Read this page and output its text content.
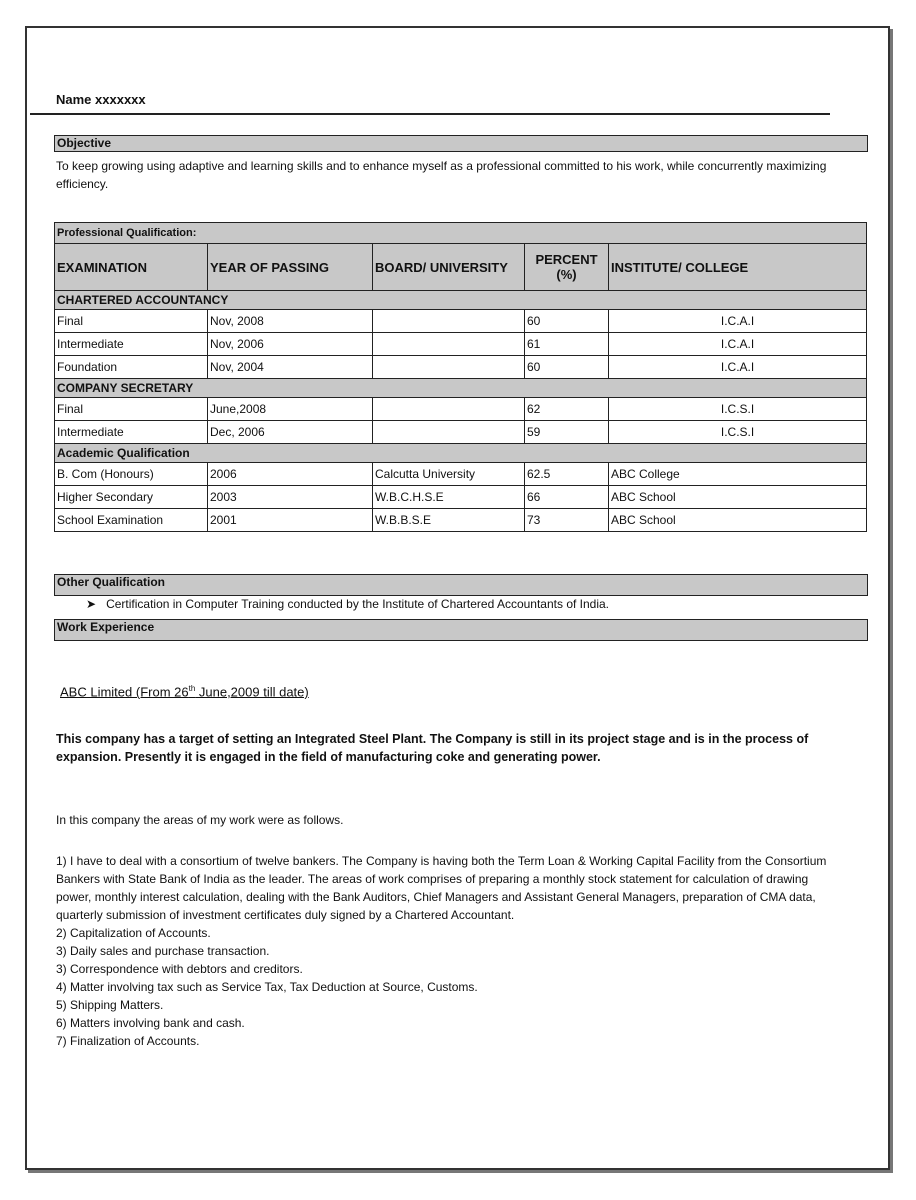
Name xxxxxxx
Objective
To keep growing using adaptive and learning skills and to enhance myself as a professional committed to his work, while concurrently maximizing efficiency.
Professional Qualification:				
EXAMINATION	YEAR OF PASSING	BOARD/ UNIVERSITY	PERCENT (%)	INSTITUTE/ COLLEGE
CHARTERED ACCOUNTANCY				
Final	Nov, 2008		60	I.C.A.I
Intermediate	Nov, 2006		61	I.C.A.I
Foundation	Nov, 2004		60	I.C.A.I
COMPANY SECRETARY				
Final	June,2008		62	I.C.S.I
Intermediate	Dec, 2006		59	I.C.S.I
Academic Qualification				
B. Com (Honours)	2006	Calcutta University	62.5	ABC College
Higher Secondary	2003	W.B.C.H.S.E	66	ABC School
School Examination	2001	W.B.B.S.E	73	ABC School
Other Qualification
➤   Certification in Computer Training conducted by the Institute of Chartered Accountants of India.
Work Experience
ABC Limited (From 26th June,2009 till date)
This company has a target of setting an Integrated Steel Plant. The Company is still in its project stage and is in the process of expansion. Presently it is engaged in the field of manufacturing coke and generating power.
In this company the areas of my work were as follows.
1) I have to deal with a consortium of twelve bankers. The Company is having both the Term Loan & Working Capital Facility from the Consortium Bankers with State Bank of India as the leader. The areas of work comprises of preparing a monthly stock statement for calculation of drawing power, monthly interest calculation, dealing with the Bank Auditors, Chief Managers and Assistant General Managers, preparation of CMA data, quarterly submission of investment certificates duly signed by a Chartered Accountant.
2) Capitalization of Accounts.
3) Daily sales and purchase transaction.
3) Correspondence with debtors and creditors.
4) Matter involving tax such as Service Tax, Tax Deduction at Source, Customs.
5) Shipping Matters.
6) Matters involving bank and cash.
7) Finalization of Accounts.
